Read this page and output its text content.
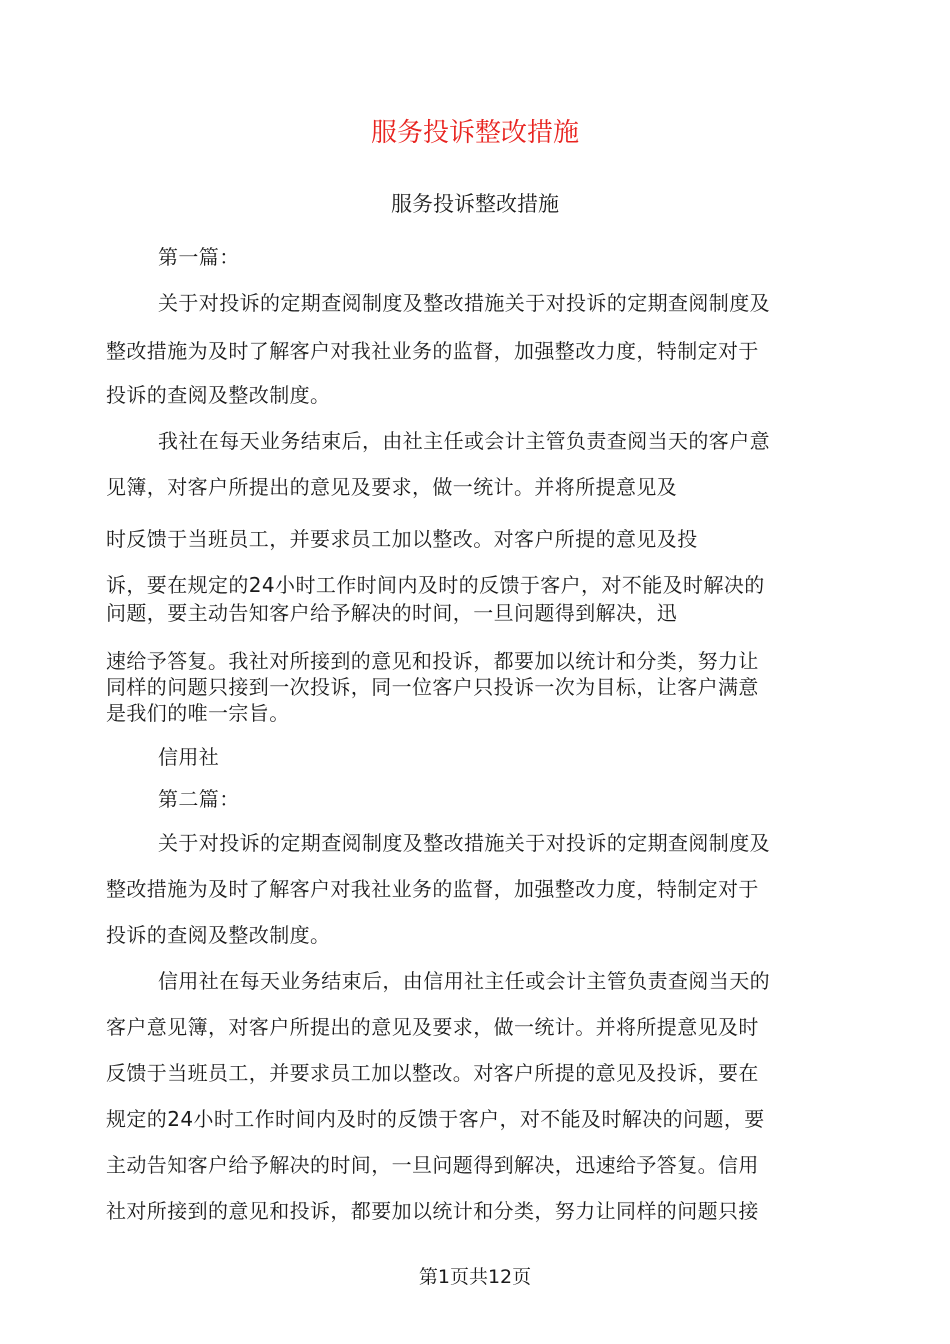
服务投诉整改措施
服务投诉整改措施
第一篇：
关于对投诉的定期查阅制度及整改措施关于对投诉的定期查阅制度及
整改措施为及时了解客户对我社业务的监督，加强整改力度，特制定对于
投诉的查阅及整改制度。
我社在每天业务结束后，由社主任或会计主管负责查阅当天的客户意
见簿，对客户所提出的意见及要求，做一统计。并将所提意见及
时反馈于当班员工，并要求员工加以整改。对客户所提的意见及投
诉，要在规定的24小时工作时间内及时的反馈于客户，对不能及时解决的
问题，要主动告知客户给予解决的时间，一旦问题得到解决，迅
速给予答复。我社对所接到的意见和投诉，都要加以统计和分类，努力让
同样的问题只接到一次投诉，同一位客户只投诉一次为目标，让客户满意
是我们的唯一宗旨。
信用社
第二篇：
关于对投诉的定期查阅制度及整改措施关于对投诉的定期查阅制度及
整改措施为及时了解客户对我社业务的监督，加强整改力度，特制定对于
投诉的查阅及整改制度。
信用社在每天业务结束后，由信用社主任或会计主管负责查阅当天的
客户意见簿，对客户所提出的意见及要求，做一统计。并将所提意见及时
反馈于当班员工，并要求员工加以整改。对客户所提的意见及投诉，要在
规定的24小时工作时间内及时的反馈于客户，对不能及时解决的问题，要
主动告知客户给予解决的时间，一旦问题得到解决，迅速给予答复。信用
社对所接到的意见和投诉，都要加以统计和分类，努力让同样的问题只接
第1页共12页
